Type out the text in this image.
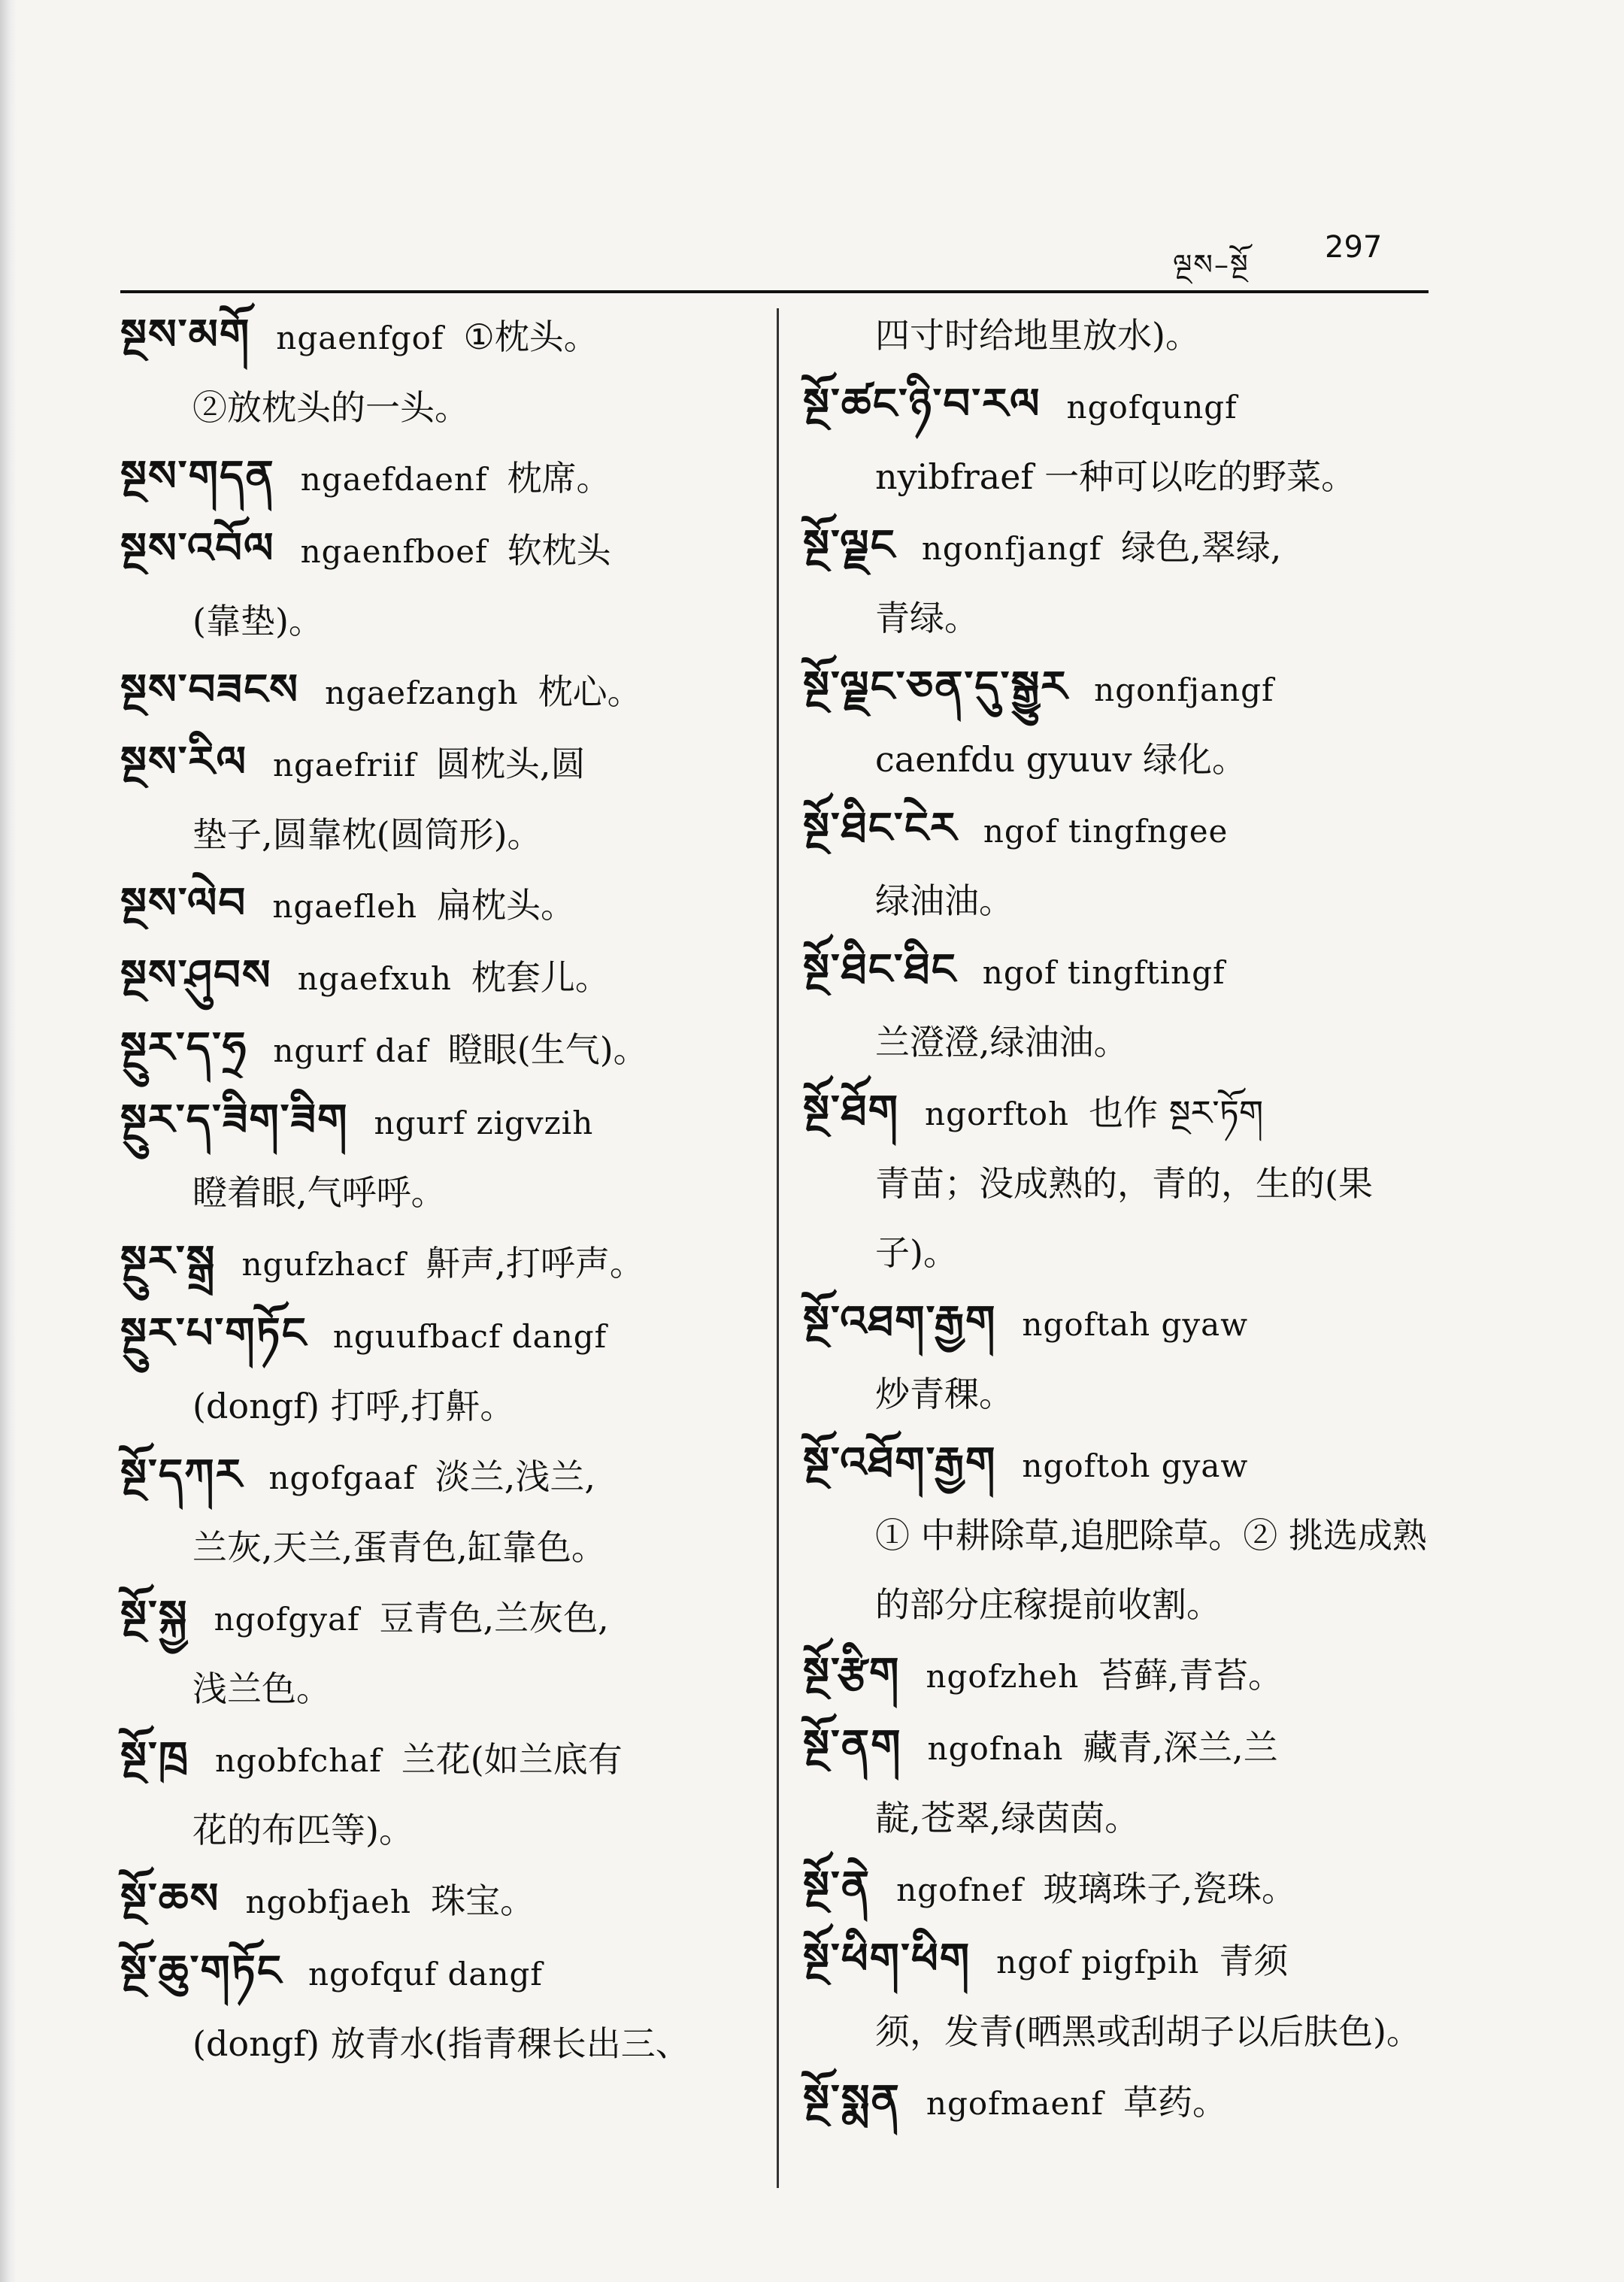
ལྔས–སྔོ	297

སྔས་མགོ ngaenfgof ①枕头。
②放枕头的一头。

སྔས་གདན ngaefdaenf 枕席。

སྔས་འབོལ ngaenfboef 软枕头
(靠垫)。

སྔས་བཟངས ngaefzangh 枕心。

སྔས་རིལ ngaefriif 圆枕头,圆
垫子,圆靠枕(圆筒形)。

སྔས་ལེབ ngaefleh 扁枕头。

སྔས་ཤུབས ngaefxuh 枕套儿。

སྔུར་ད་ཧྲ ngurf daf 瞪眼(生气)。

སྔུར་ད་ཟིག་ཟིག ngurf zigvzih
瞪着眼,气呼呼。

སྔུར་སྒྲ ngufzhacf 鼾声,打呼声。

སྔུར་པ་གཏོང nguufbacf dangf
(dongf) 打呼,打鼾。

སྔོ་དཀར ngofgaaf 淡兰,浅兰,
兰灰,天兰,蛋青色,缸靠色。

སྔོ་སྐྱ ngofgyaf 豆青色,兰灰色,
浅兰色。

སྔོ་ཁྲ ngobfchaf 兰花(如兰底有
花的布匹等)。

སྔོ་ཆས ngobfjaeh 珠宝。

སྔོ་ཆུ་གཏོང ngofquf dangf
(dongf) 放青水(指青稞长出三、

四寸时给地里放水)。

སྔོ་ཚང་ཉི་བ་རལ ngofqungf
nyibfraef 一种可以吃的野菜。

སྔོ་ལྗང ngonfjangf 绿色,翠绿,
青绿。

སྔོ་ལྗང་ཅན་དུ་སྒྱུར ngonfjangf
caenfdu gyuuv 绿化。

སྔོ་ཐིང་ངེར ngof tingfngee
绿油油。

སྔོ་ཐིང་ཐིང ngof tingftingf
兰澄澄,绿油油。

སྔོ་ཐོག ngorftoh 也作 སྔར་ཏོག
青苗；没成熟的，青的，生的(果子)。

སྔོ་འཐག་རྒྱག ngoftah gyaw
炒青稞。

སྔོ་འཐོག་རྒྱག ngoftoh gyaw
① 中耕除草,追肥除草。② 挑选成熟的部分庄稼提前收割。

སྔོ་རྩིག ngofzheh 苔藓,青苔。

སྔོ་ནག ngofnah 藏青,深兰,兰
靛,苍翠,绿茵茵。

སྔོ་ནེ ngofnef 玻璃珠子,瓷珠。

སྔོ་ཕིག་ཕིག ngof pigfpih 青须
须，发青(晒黑或刮胡子以后肤色)。

སྔོ་སྨན ngofmaenf 草药。
